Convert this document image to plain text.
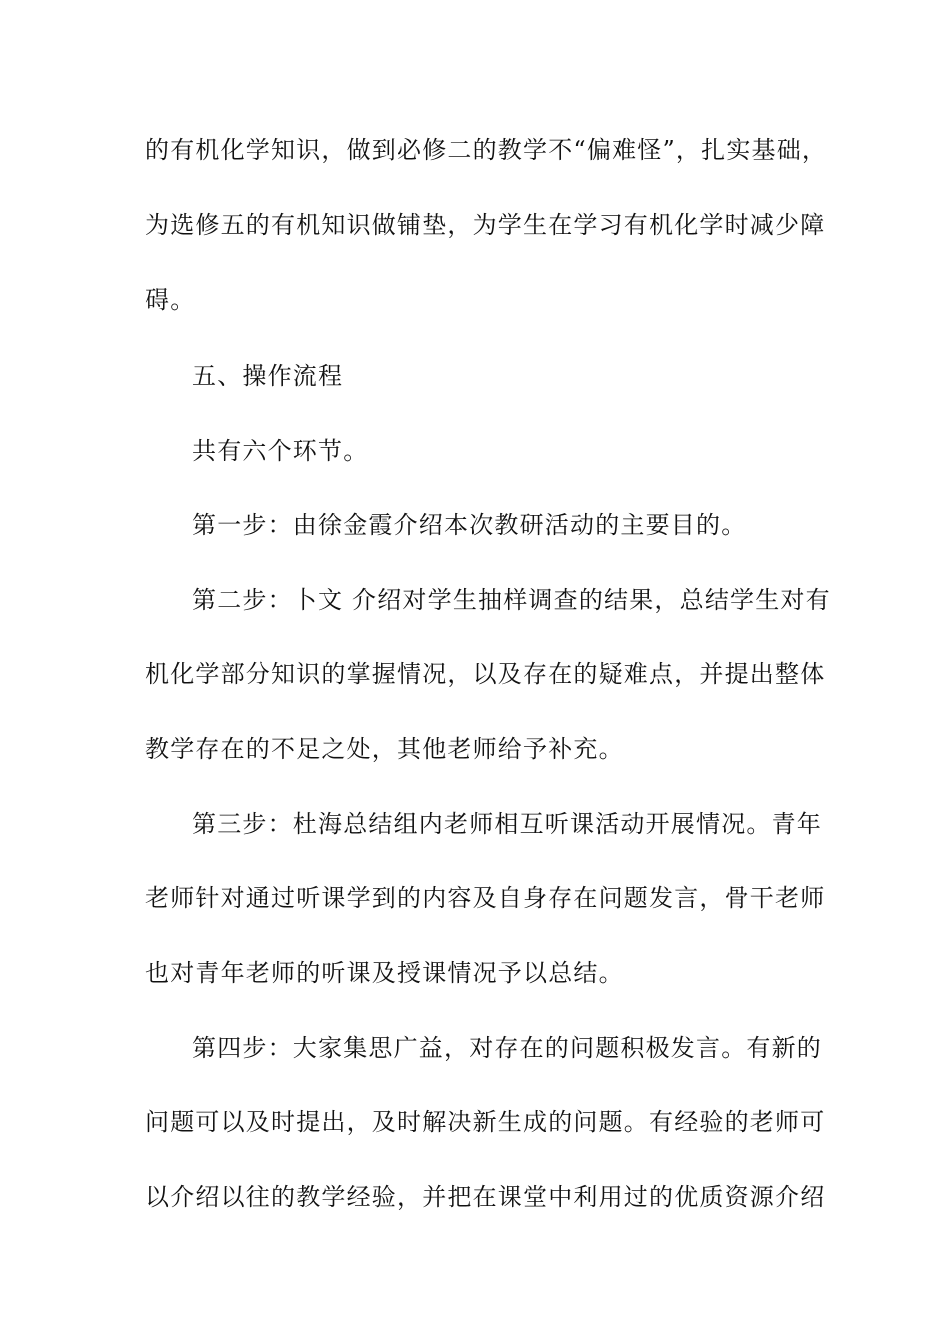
的有机化学知识，做到必修二的教学不“偏难怪”，扎实基础，
为选修五的有机知识做铺垫，为学生在学习有机化学时减少障
碍。
五、操作流程
共有六个环节。
第一步：由徐金霞介绍本次教研活动的主要目的。
第二步：卜文 介绍对学生抽样调查的结果，总结学生对有
机化学部分知识的掌握情况，以及存在的疑难点，并提出整体
教学存在的不足之处，其他老师给予补充。
第三步：杜海总结组内老师相互听课活动开展情况。青年
老师针对通过听课学到的内容及自身存在问题发言，骨干老师
也对青年老师的听课及授课情况予以总结。
第四步：大家集思广益，对存在的问题积极发言。有新的
问题可以及时提出，及时解决新生成的问题。有经验的老师可
以介绍以往的教学经验，并把在课堂中利用过的优质资源介绍
